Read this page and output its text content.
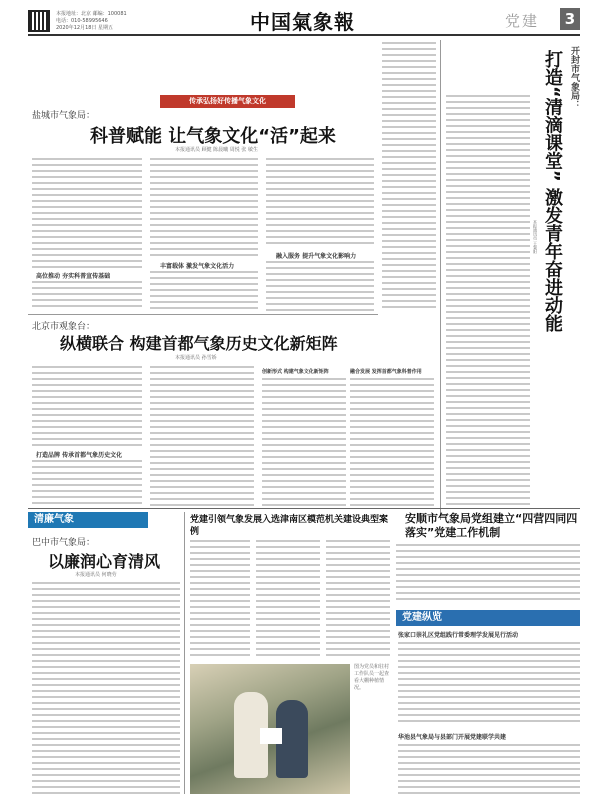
本报地址：北京 邮编：100081
电话：010-58995646
2020年12月18日 星期五	中国氣象報	党建	3
传承弘扬好传播气象文化
盐城市气象局：
科普赋能 让气象文化“活”起来
本报通讯员 顾健 陈晨曦 周悦 张 敏生
高位推动 夯实科普宣传基础
丰富载体 激发气象文化活力
融入服务 提升气象文化影响力
北京市观象台：
纵横联合 构建首都气象历史文化新矩阵
本报通讯员 孙雪娇
打造品牌 传承首都气象历史文化
创新形式 构建气象文化新矩阵	融合发展 发挥首都气象科普作用
开封市气象局：
打造“清滴课堂” 激发青年奋进动能
本报通讯员 王粲阳
安顺市气象局党组建立“四营四同四落实”党建工作机制
清廉气象
巴中市气象局：
以廉润心育清风
本报通讯员 何晓劳
党建引领气象发展入选津南区模范机关建设典型案例
图为党员和驻村工作队员一起查看大棚种植情况。
党建纵览
张家口崇礼区党组践行常委理学发展见行活动
华池县气象局与县部门开展党建联学共建
